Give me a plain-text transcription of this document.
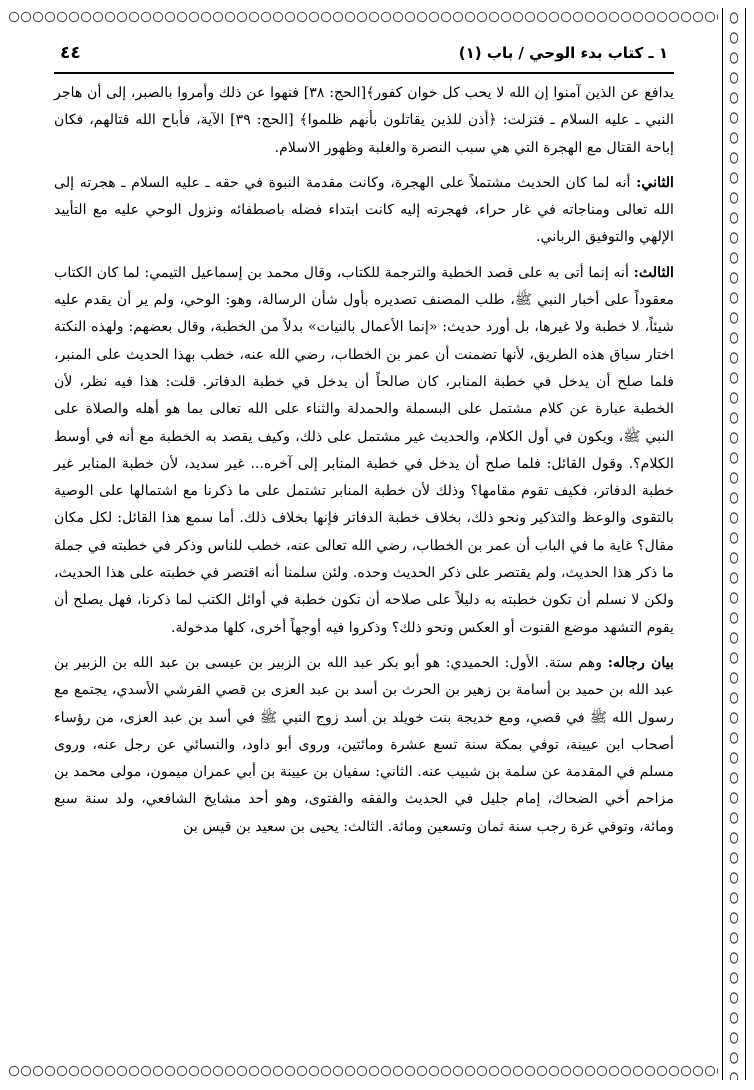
١ ـ كتاب بدء الوحي / باب (١)
٤٤

يدافع عن الذين آمنوا إن الله لا يحب كل خوان كفور﴾[الحج: ٣٨] فنهوا عن ذلك وأمروا بالصبر، إلى أن هاجر النبي ـ عليه السلام ـ فنزلت: ﴿أذن للذين يقاتلون بأنهم ظلموا﴾ [الحج: ٣٩] الآية، فأباح الله قتالهم، فكان إباحة القتال مع الهجرة التي هي سبب النصرة والغلبة وظهور الاسلام.

الثاني: أنه لما كان الحديث مشتملاً على الهجرة، وكانت مقدمة النبوة في حقه ـ عليه السلام ـ هجرته إلى الله تعالى ومناجاته في غار حراء، فهجرته إليه كانت ابتداء فضله باصطفائه ونزول الوحي عليه مع التأييد الإلهي والتوفيق الرباني.

الثالث: أنه إنما أتى به على قصد الخطبة والترجمة للكتاب، وقال محمد بن إسماعيل التيمي: لما كان الكتاب معقوداً على أخبار النبي ﷺ، طلب المصنف تصديره بأول شأن الرسالة، وهو: الوحي، ولم ير أن يقدم عليه شيئاً، لا خطبة ولا غيرها، بل أورد حديث: «إنما الأعمال بالنيات» بدلاً من الخطبة، وقال بعضهم: ولهذه النكتة اختار سياق هذه الطريق، لأنها تضمنت أن عمر بن الخطاب، رضي الله عنه، خطب بهذا الحديث على المنبر، فلما صلح أن يدخل في خطبة المنابر، كان صالحاً أن يدخل في خطبة الدفاتر. قلت: هذا فيه نظر، لأن الخطبة عبارة عن كلام مشتمل على البسملة والحمدلة والثناء على الله تعالى بما هو أهله والصلاة على النبي ﷺ، ويكون في أول الكلام، والحديث غير مشتمل على ذلك، وكيف يقصد به الخطبة مع أنه في أوسط الكلام؟. وقول القائل: فلما صلح أن يدخل في خطبة المنابر إلى آخره... غير سديد، لأن خطبة المنابر غير خطبة الدفاتر، فكيف تقوم مقامها؟ وذلك لأن خطبة المنابر تشتمل على ما ذكرنا مع اشتمالها على الوصية بالتقوى والوعظ والتذكير ونحو ذلك، بخلاف خطبة الدفاتر فإنها بخلاف ذلك. أما سمع هذا القائل: لكل مكان مقال؟ غاية ما في الباب أن عمر بن الخطاب، رضي الله تعالى عنه، خطب للناس وذكر في خطبته في جملة ما ذكر هذا الحديث، ولم يقتصر على ذكر الحديث وحده. ولئن سلمنا أنه اقتصر في خطبته على هذا الحديث، ولكن لا نسلم أن تكون خطبته به دليلاً على صلاحه أن تكون خطبة في أوائل الكتب لما ذكرنا، فهل يصلح أن يقوم التشهد موضع القنوت أو العكس ونحو ذلك؟ وذكروا فيه أوجهاً أخرى، كلها مدخولة.

بيان رجاله: وهم ستة. الأول: الحميدي: هو أبو بكر عبد الله بن الزبير بن عيسى بن عبد الله بن الزبير بن عبد الله بن حميد بن أسامة بن زهير بن الحرث بن أسد بن عبد العزى بن قصي القرشي الأسدي، يجتمع مع رسول الله ﷺ في قصي، ومع خديجة بنت خويلد بن أسد زوج النبي ﷺ في أسد بن عبد العزى، من رؤساء أصحاب ابن عيينة، توفي بمكة سنة تسع عشرة ومائتين، وروى أبو داود، والنسائي عن رجل عنه، وروى مسلم في المقدمة عن سلمة بن شبيب عنه. الثاني: سفيان بن عيينة بن أبي عمران ميمون، مولى محمد بن مزاحم أخي الضحاك، إمام جليل في الحديث والفقه والفتوى، وهو أحد مشايخ الشافعي، ولد سنة سبع ومائة، وتوفي غرة رجب سنة ثمان وتسعين ومائة. الثالث: يحيى بن سعيد بن قيس بن
